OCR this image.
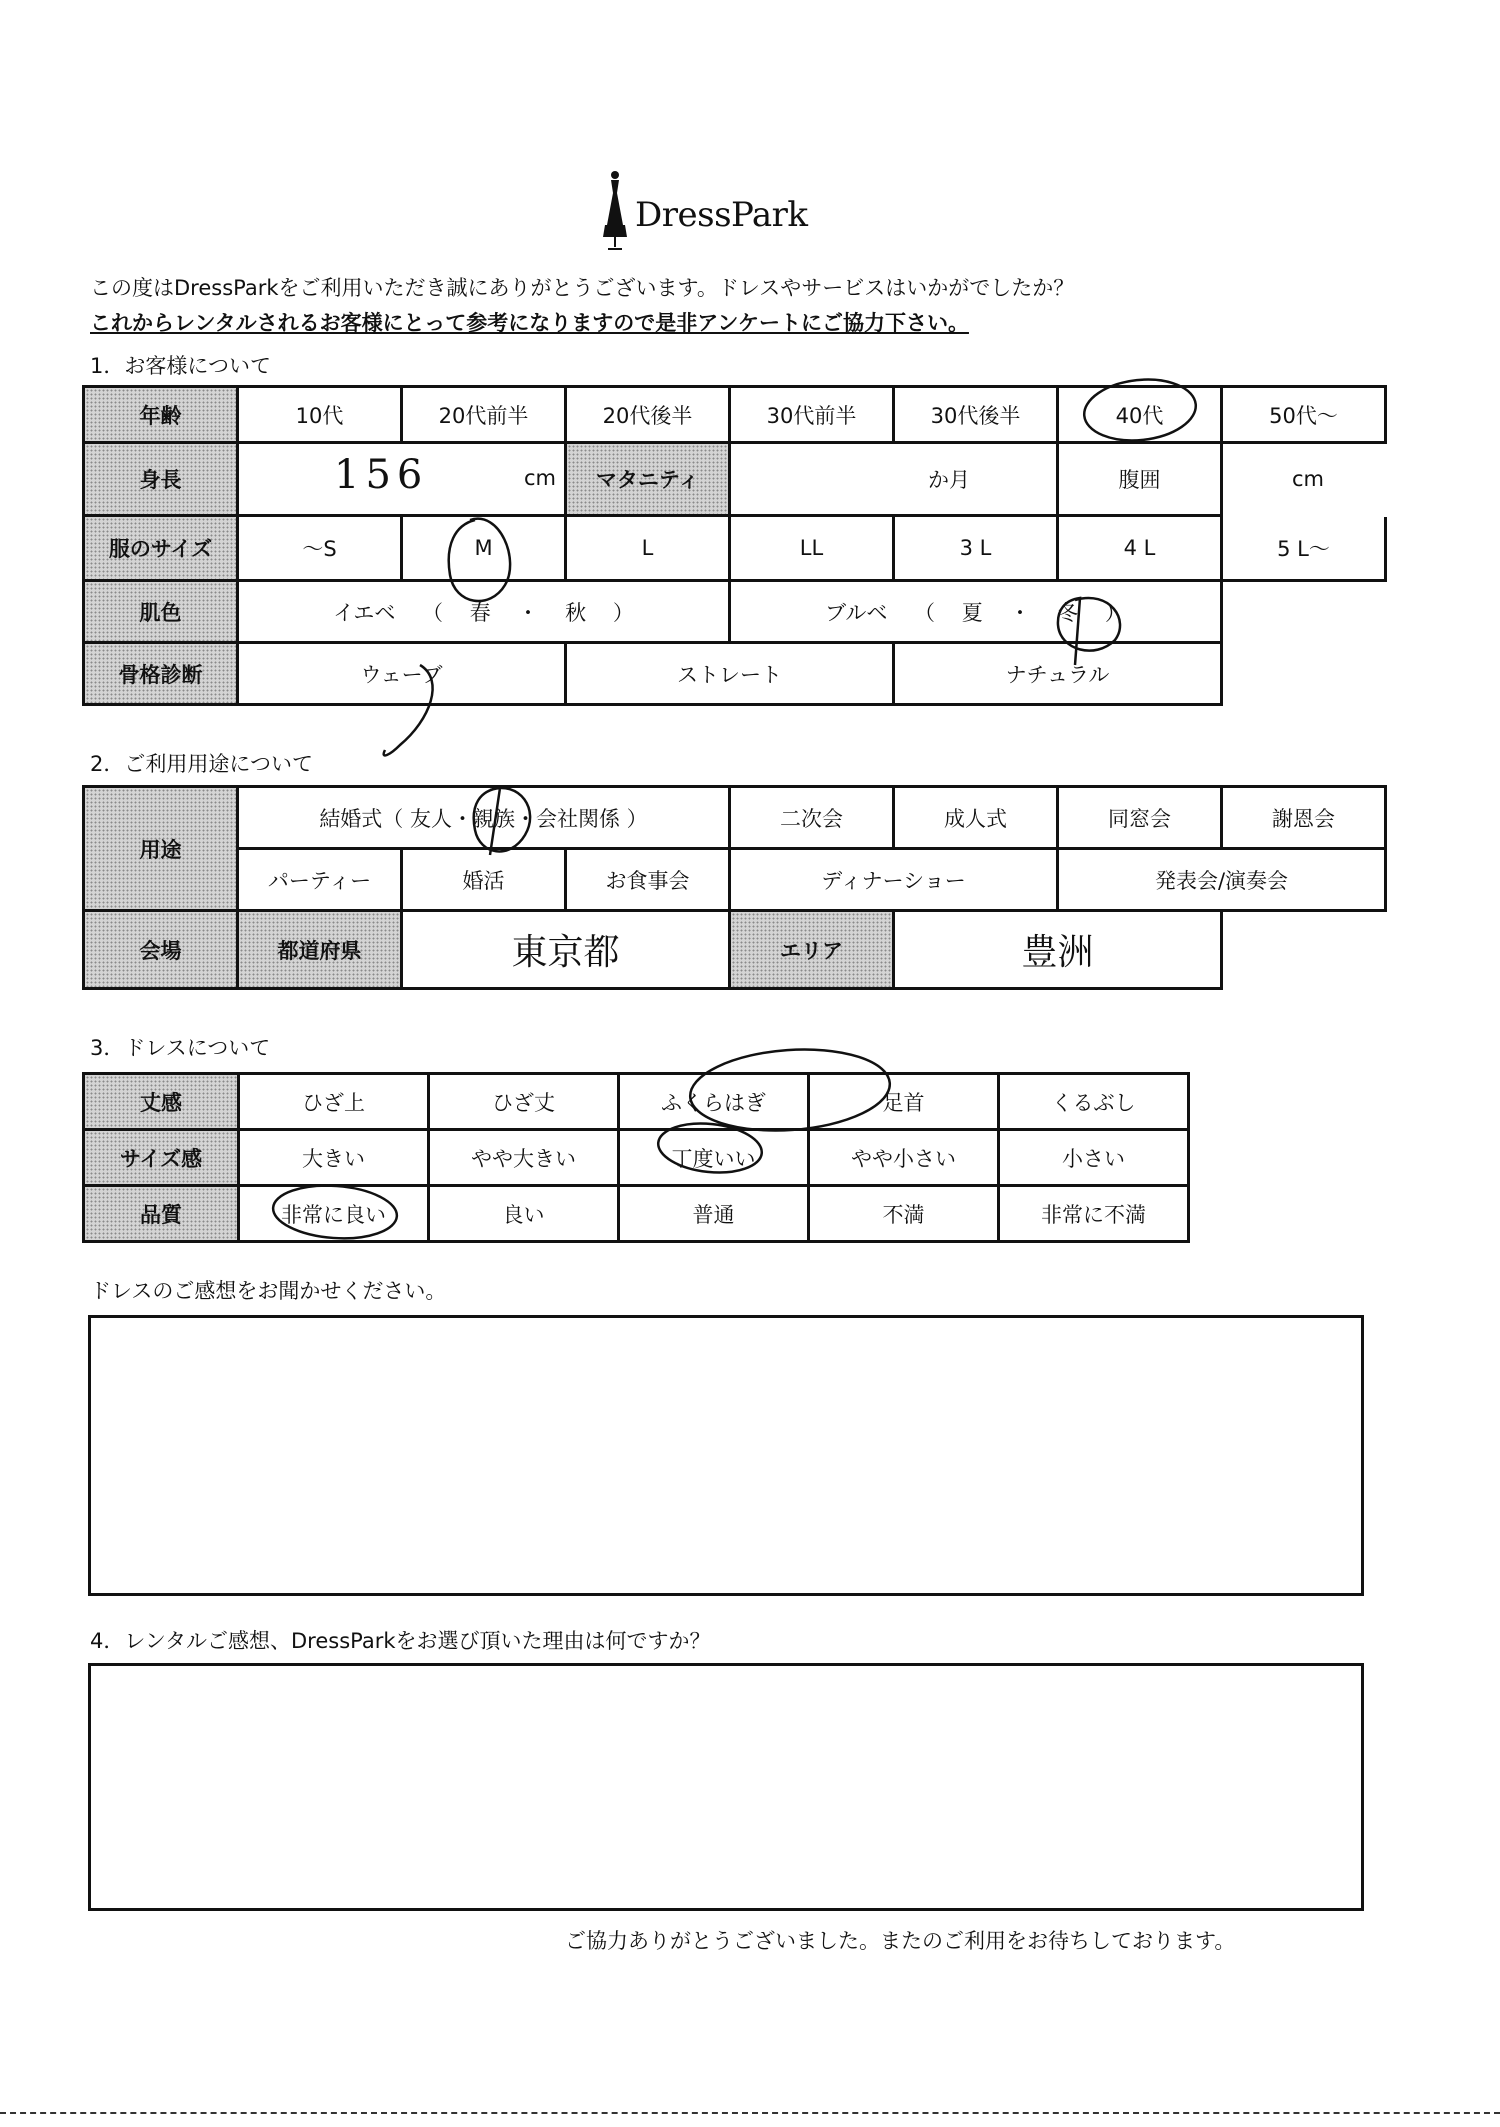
DressPark
この度はDressParkをご利用いただき誠にありがとうございます。ドレスやサービスはいかがでしたか？
これからレンタルされるお客様にとって参考になりますので是非アンケートにご協力下さい。
1．お客様について
年齢	10代	20代前半	20代後半	30代前半	30代後半	40代	50代～
身長	156 cm		マタニティ	か月		腹囲	cm
服のサイズ	～S	M	L	LL	3 L	4 L	5 L～
肌色	イエベ （ 春 ・ 秋 ）			ブルベ （ 夏 ・ 冬 ）			
骨格診断	ウェーブ		ストレート		ナチュラル		
2．ご利用用途について
用途	結婚式（ 友人・親族・会社関係 ）			二次会	成人式	同窓会	謝恩会
	パーティー	婚活	お食事会	ディナーショー		発表会/演奏会	
会場	都道府県	東京都		エリア	豊洲		
3．ドレスについて
丈感	ひざ上	ひざ丈	ふくらはぎ	足首	くるぶし
サイズ感	大きい	やや大きい	丁度いい	やや小さい	小さい
品質	非常に良い	良い	普通	不満	非常に不満
ドレスのご感想をお聞かせください。
4．レンタルご感想、DressParkをお選び頂いた理由は何ですか？
ご協力ありがとうございました。またのご利用をお待ちしております。
